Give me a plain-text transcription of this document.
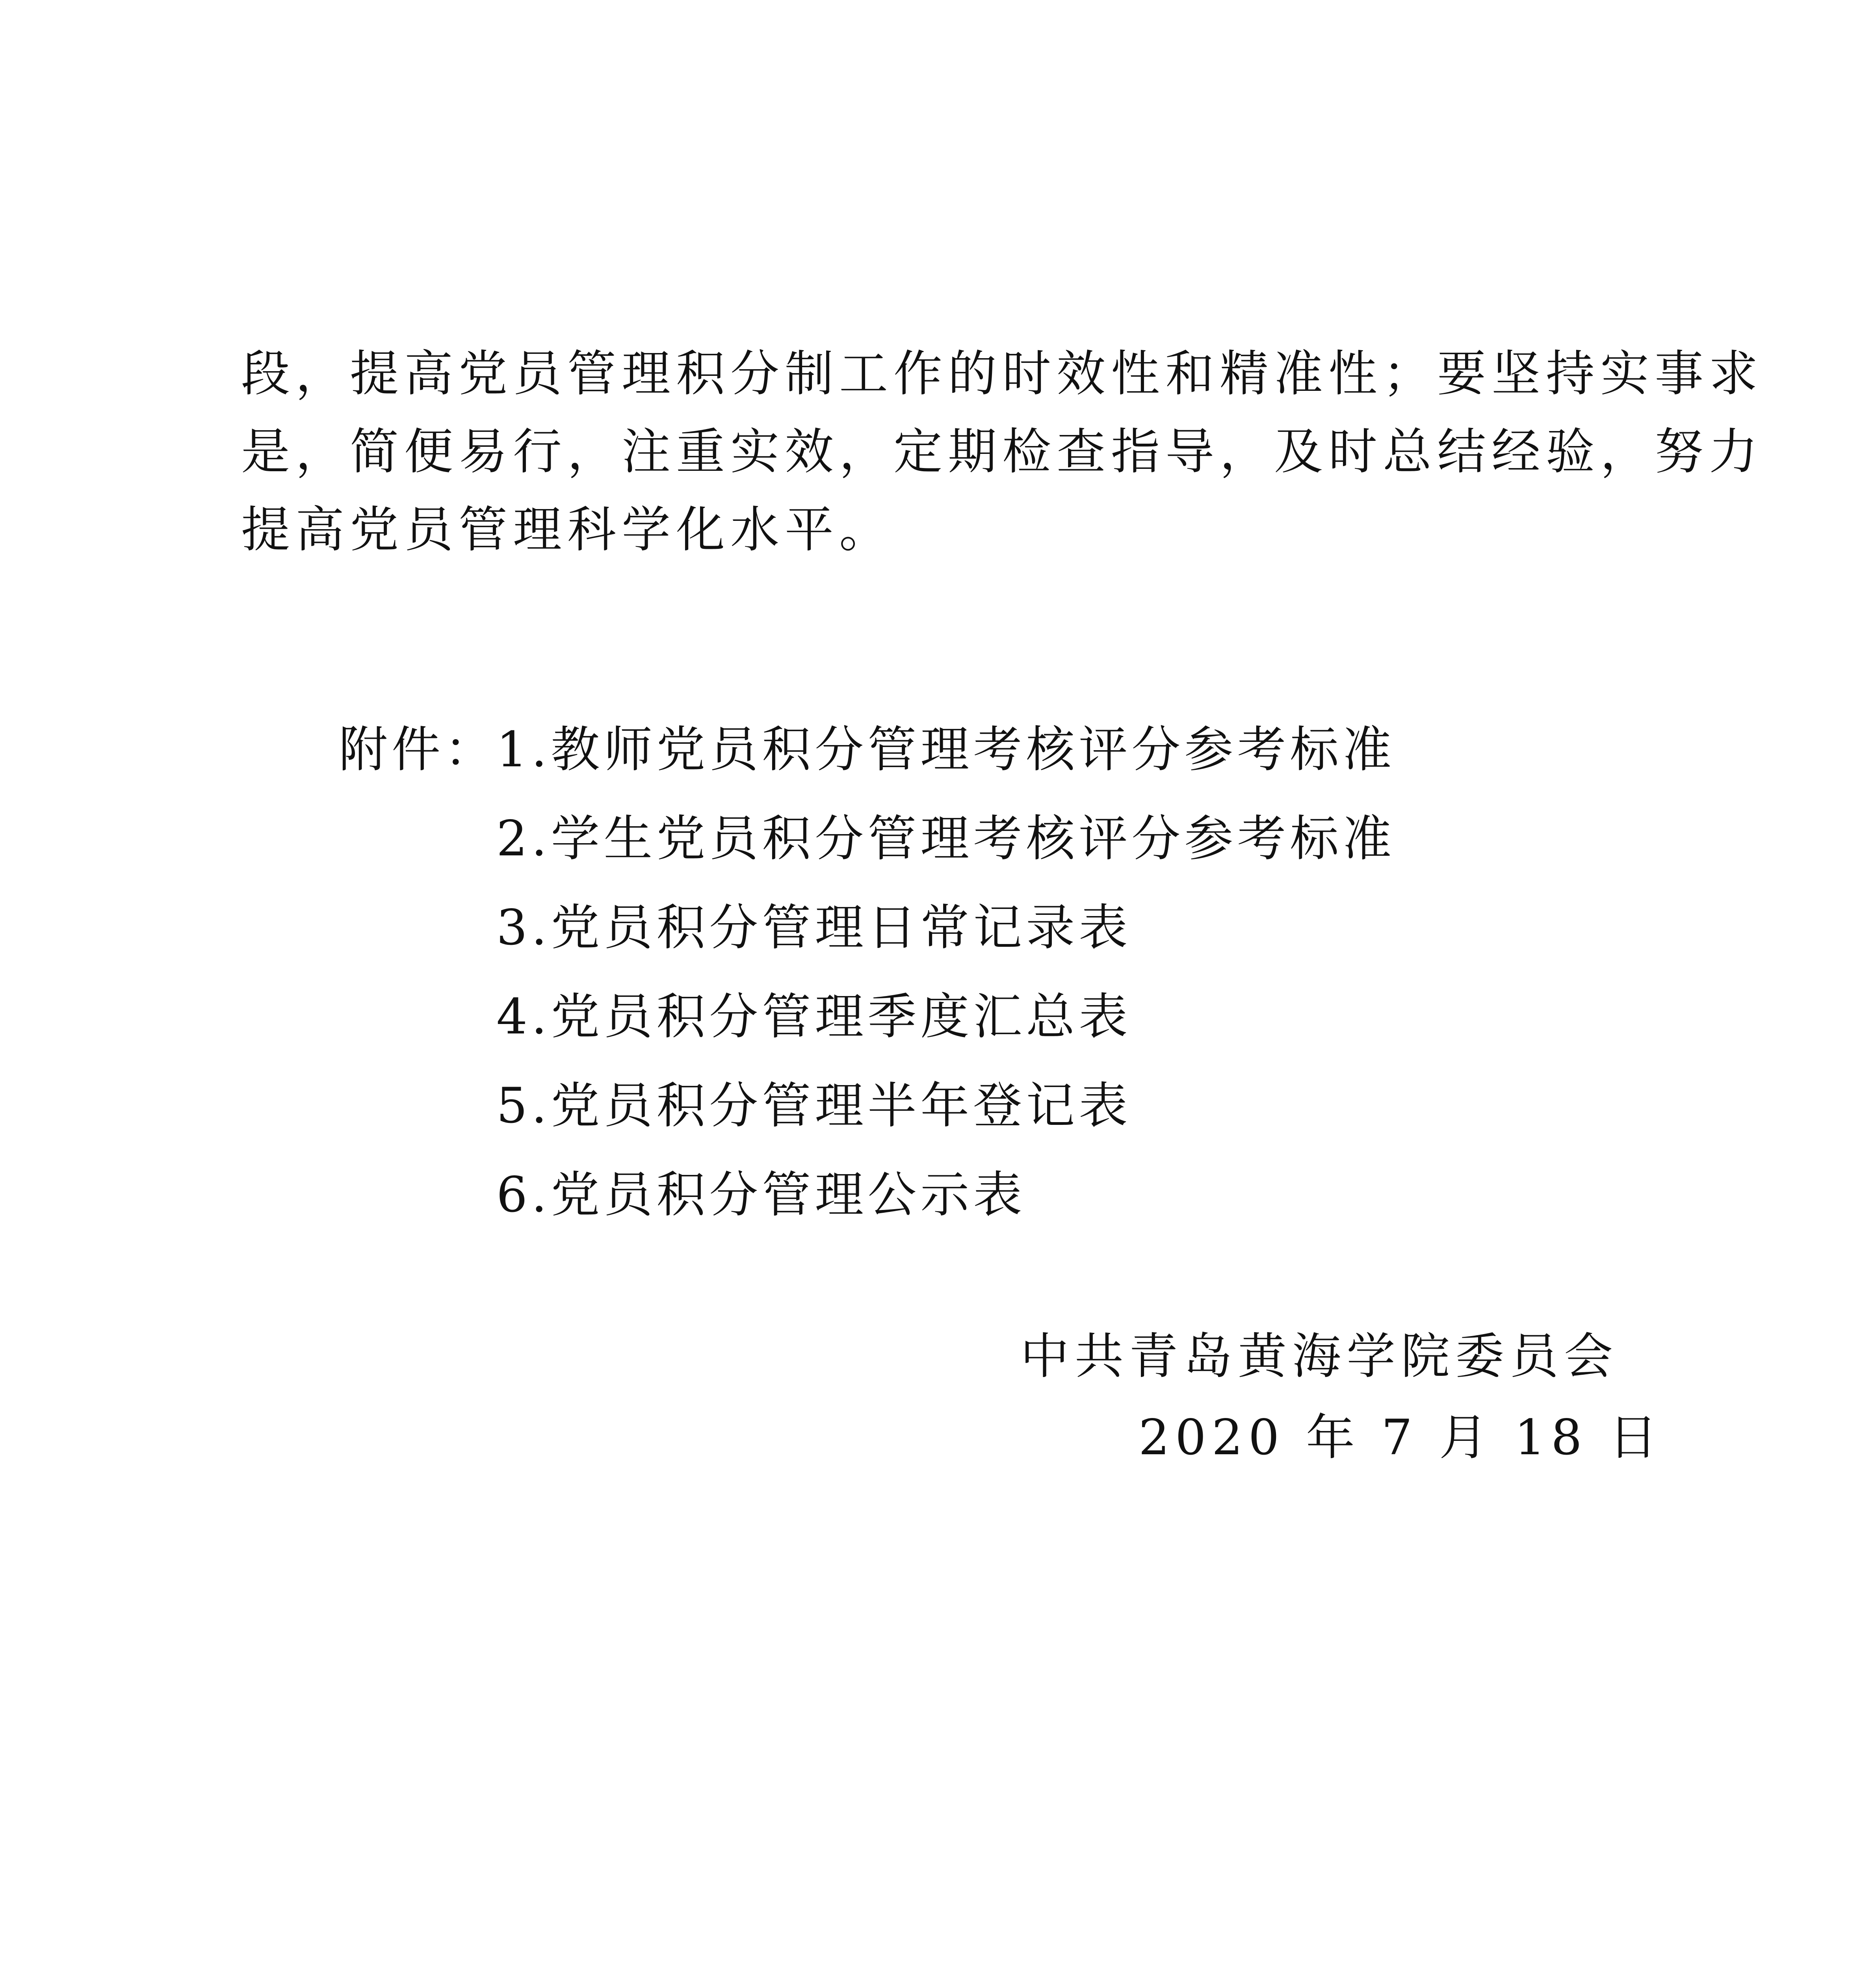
段，提高党员管理积分制工作的时效性和精准性；要坚持实事求
是，简便易行，注重实效，定期检查指导，及时总结经验，努力
提高党员管理科学化水平。
附件：1.教师党员积分管理考核评分参考标准
2.学生党员积分管理考核评分参考标准
3.党员积分管理日常记录表
4.党员积分管理季度汇总表
5.党员积分管理半年登记表
6.党员积分管理公示表
中共青岛黄海学院委员会
2020 年 7 月 18 日
